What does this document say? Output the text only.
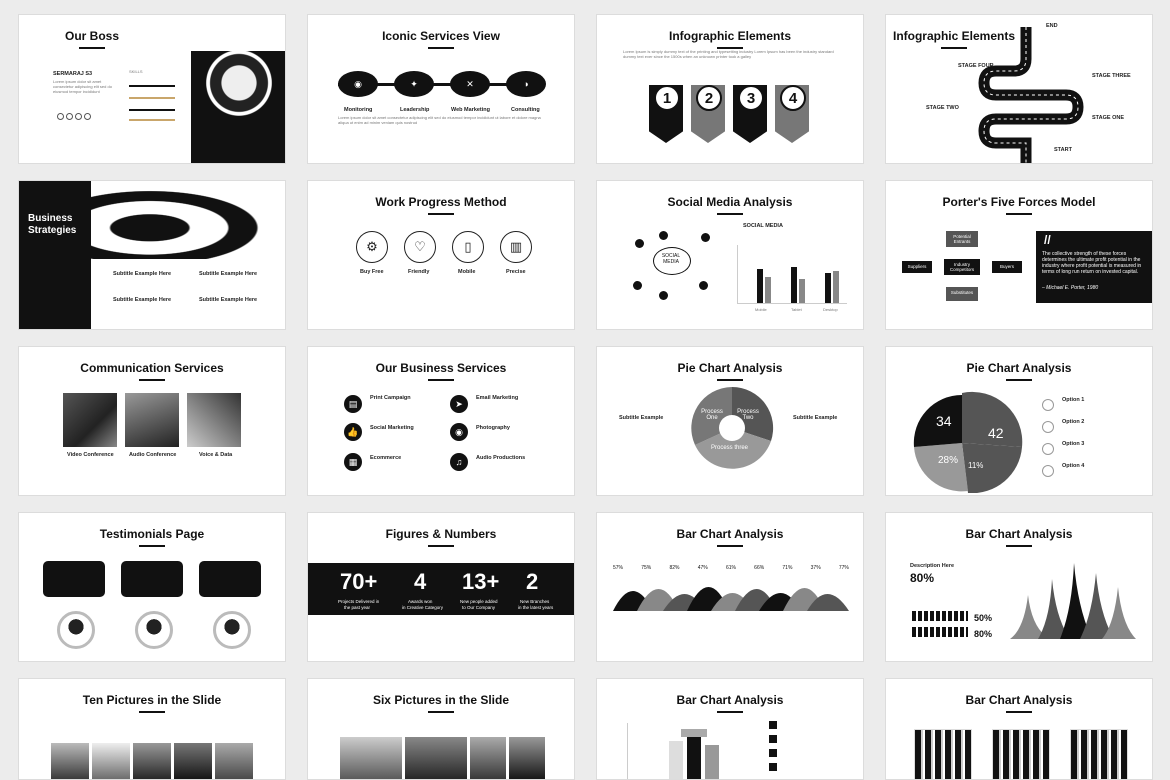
Our Boss
SERMARAJ S3
Lorem ipsum dolor sit amet consectetur adipiscing elit sed do eiusmod tempor incididunt
SKILLS
Iconic Services View
◉	✦	✕	◑
Monitoring	Leadership	Web Marketing	Consulting
Lorem ipsum dolor sit amet consectetur adipiscing elit sed do eiusmod tempor incididunt ut labore et dolore magna aliqua ut enim ad minim veniam quis nostrud
Infographic Elements
Lorem Ipsum is simply dummy text of the printing and typesetting industry Lorem Ipsum has been the industry standard dummy text ever since the 1500s when an unknown printer took a galley
1	2	3	4
Infographic Elements
END
STAGE FOUR
STAGE THREE
STAGE TWO
STAGE ONE
START
Business
Strategies
Subtitle Example Here	Subtitle Example Here
Subtitle Example Here	Subtitle Example Here
Work Progress Method
⚙	♡	▯	▥
Buy Free	Friendly	Mobile	Precise
Social Media Analysis
SOCIAL
MEDIA
SOCIAL MEDIA
Mobile	Tablet	Desktop
Porter's Five Forces Model
Potential Entrants
Industry Competitors
Suppliers	Buyers
Substitutes
//
The collective strength of these forces determines the ultimate profit potential in the industry where profit potential is measured in terms of long run return on invested capital.
– Michael E. Porter, 1980
Communication Services
Video Conference	Audio Conference	Voice & Data
Our Business Services
▤	➤
👍	◉
▦	♫
Print Campaign	Email Marketing
Social Marketing	Photography
Ecommerce	Audio Productions
Pie Chart Analysis
Process One
Process Two
Process three
Subtitle Example	Subtitle Example
Pie Chart Analysis
34
42
28% 11%
Option 1
Option 2
Option 3
Option 4
Testimonials Page	Figures & Numbers
70+ 4 13+ 2
Projects Delivered in	Awards won	New people added	New Branches
the past year	in Creative Category	to Our Company	in the latest years
Bar Chart Analysis
57%	75%	82%	47%	61%	66%	71%	37%	77%
Bar Chart Analysis
Description Here
80%
50%
80%
Ten Pictures in the Slide	Six Pictures in the Slide	Bar Chart Analysis	Bar Chart Analysis
